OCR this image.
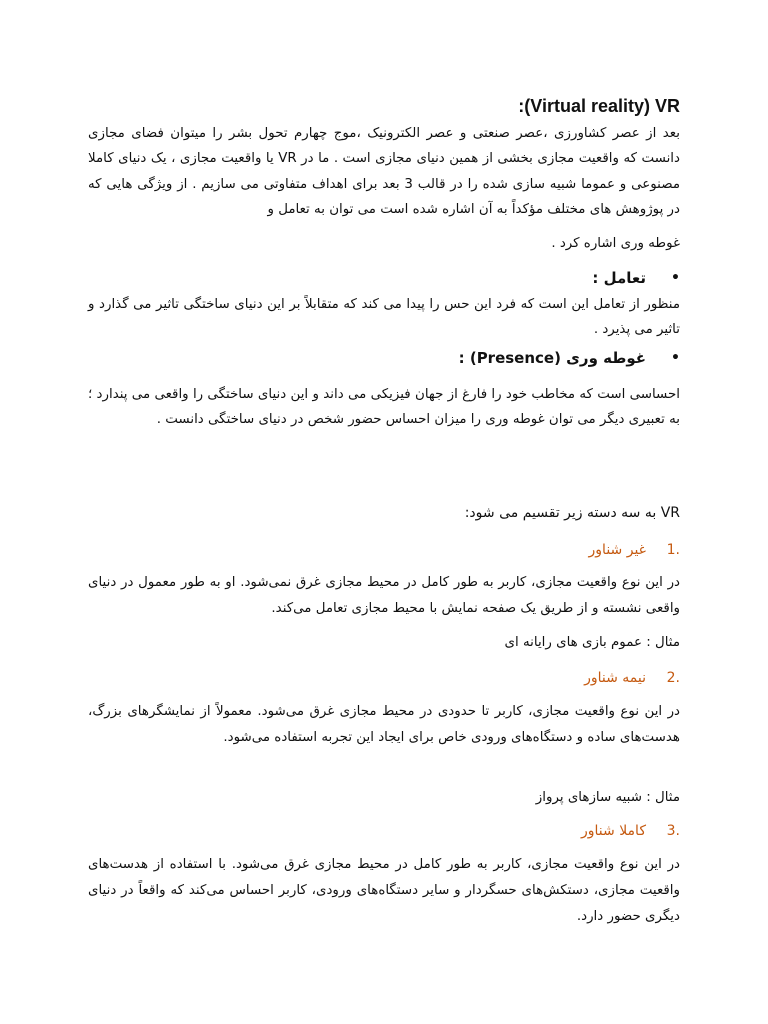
:(Virtual reality) VR
بعد از عصر کشاورزی ،عصر صنعتی و عصر الکترونیک ،موج چهارم تحول بشر را میتوان فضای مجازی دانست که واقعیت مجازی بخشی از همین دنیای مجازی است . ما در VR یا واقعیت مجازی ، یک دنیای کاملا مصنوعی و عموما شبیه سازی شده را در قالب 3 بعد برای اهداف متفاوتی می سازیم . از ویژگی هایی که در پوژوهش های مختلف مؤکداً به آن اشاره شده است می توان به تعامل و
غوطه وری اشاره کرد .
•
تعامل :
منظور از تعامل این است که فرد این حس را پیدا می کند که متقابلاً بر این دنیای ساختگی تاثیر می گذارد و تاثیر می پذیرد .
•
غوطه وری (Presence) :
احساسی است که مخاطب خود را فارغ از جهان فیزیکی می داند و این دنیای ساختگی را واقعی می پندارد ؛ به تعبیری دیگر می توان غوطه وری را میزان احساس حضور شخص در دنیای ساختگی دانست .
VR به سه دسته زیر تقسیم می شود:
1.
غیر شناور
در این نوع واقعیت مجازی، کاربر به طور کامل در محیط مجازی غرق نمی‌شود. او به طور معمول در دنیای واقعی نشسته و از طریق یک صفحه نمایش با محیط مجازی تعامل می‌کند.
مثال : عموم بازی های رایانه ای
2.
نیمه شناور
در این نوع واقعیت مجازی، کاربر تا حدودی در محیط مجازی غرق می‌شود. معمولاً از نمایشگرهای بزرگ، هدست‌های ساده و دستگاه‌های ورودی خاص برای ایجاد این تجربه استفاده می‌شود.
مثال : شبیه سازهای پرواز
3.
کاملا شناور
در این نوع واقعیت مجازی، کاربر به طور کامل در محیط مجازی غرق می‌شود. با استفاده از هدست‌های واقعیت مجازی، دستکش‌های حسگردار و سایر دستگاه‌های ورودی، کاربر احساس می‌کند که واقعاً در دنیای دیگری حضور دارد.
